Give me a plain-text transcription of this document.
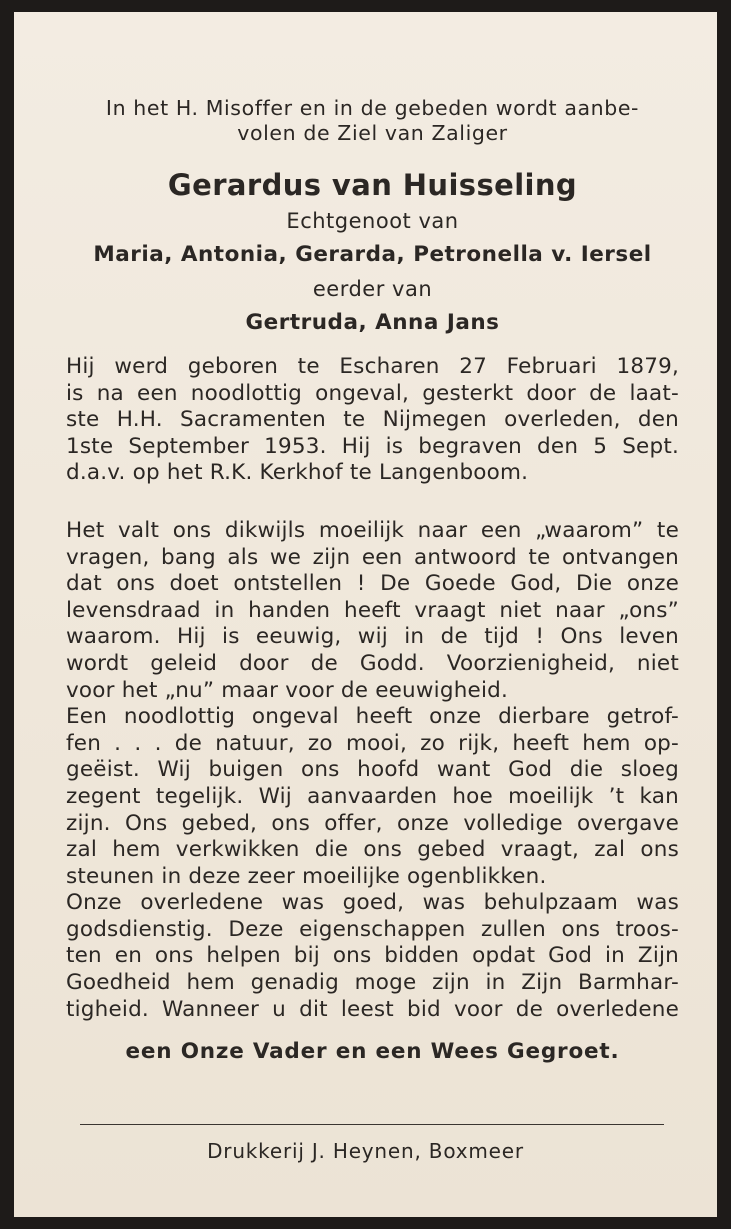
In het H. Misoffer en in de gebeden wordt aanbe-
volen de Ziel van Zaliger
Gerardus van Huisseling
Echtgenoot van
Maria, Antonia, Gerarda, Petronella v. Iersel
eerder van
Gertruda, Anna Jans
Hij werd geboren te Escharen 27 Februari 1879,
is na een noodlottig ongeval, gesterkt door de laat-
ste H.H. Sacramenten te Nijmegen overleden, den
1ste September 1953. Hij is begraven den 5 Sept.
d.a.v. op het R.K. Kerkhof te Langenboom.
Het valt ons dikwijls moeilijk naar een „waarom” te
vragen, bang als we zijn een antwoord te ontvangen
dat ons doet ontstellen ! De Goede God, Die onze
levensdraad in handen heeft vraagt niet naar „ons”
waarom. Hij is eeuwig, wij in de tijd ! Ons leven
wordt geleid door de Godd. Voorzienigheid, niet
voor het „nu” maar voor de eeuwigheid.
Een noodlottig ongeval heeft onze dierbare getrof-
fen . . . de natuur, zo mooi, zo rijk, heeft hem op-
geëist. Wij buigen ons hoofd want God die sloeg
zegent tegelijk. Wij aanvaarden hoe moeilijk ’t kan
zijn. Ons gebed, ons offer, onze volledige overgave
zal hem verkwikken die ons gebed vraagt, zal ons
steunen in deze zeer moeilijke ogenblikken.
Onze overledene was goed, was behulpzaam was
godsdienstig. Deze eigenschappen zullen ons troos-
ten en ons helpen bij ons bidden opdat God in Zijn
Goedheid hem genadig moge zijn in Zijn Barmhar-
tigheid. Wanneer u dit leest bid voor de overledene
een Onze Vader en een Wees Gegroet.
Drukkerij J. Heynen, Boxmeer
